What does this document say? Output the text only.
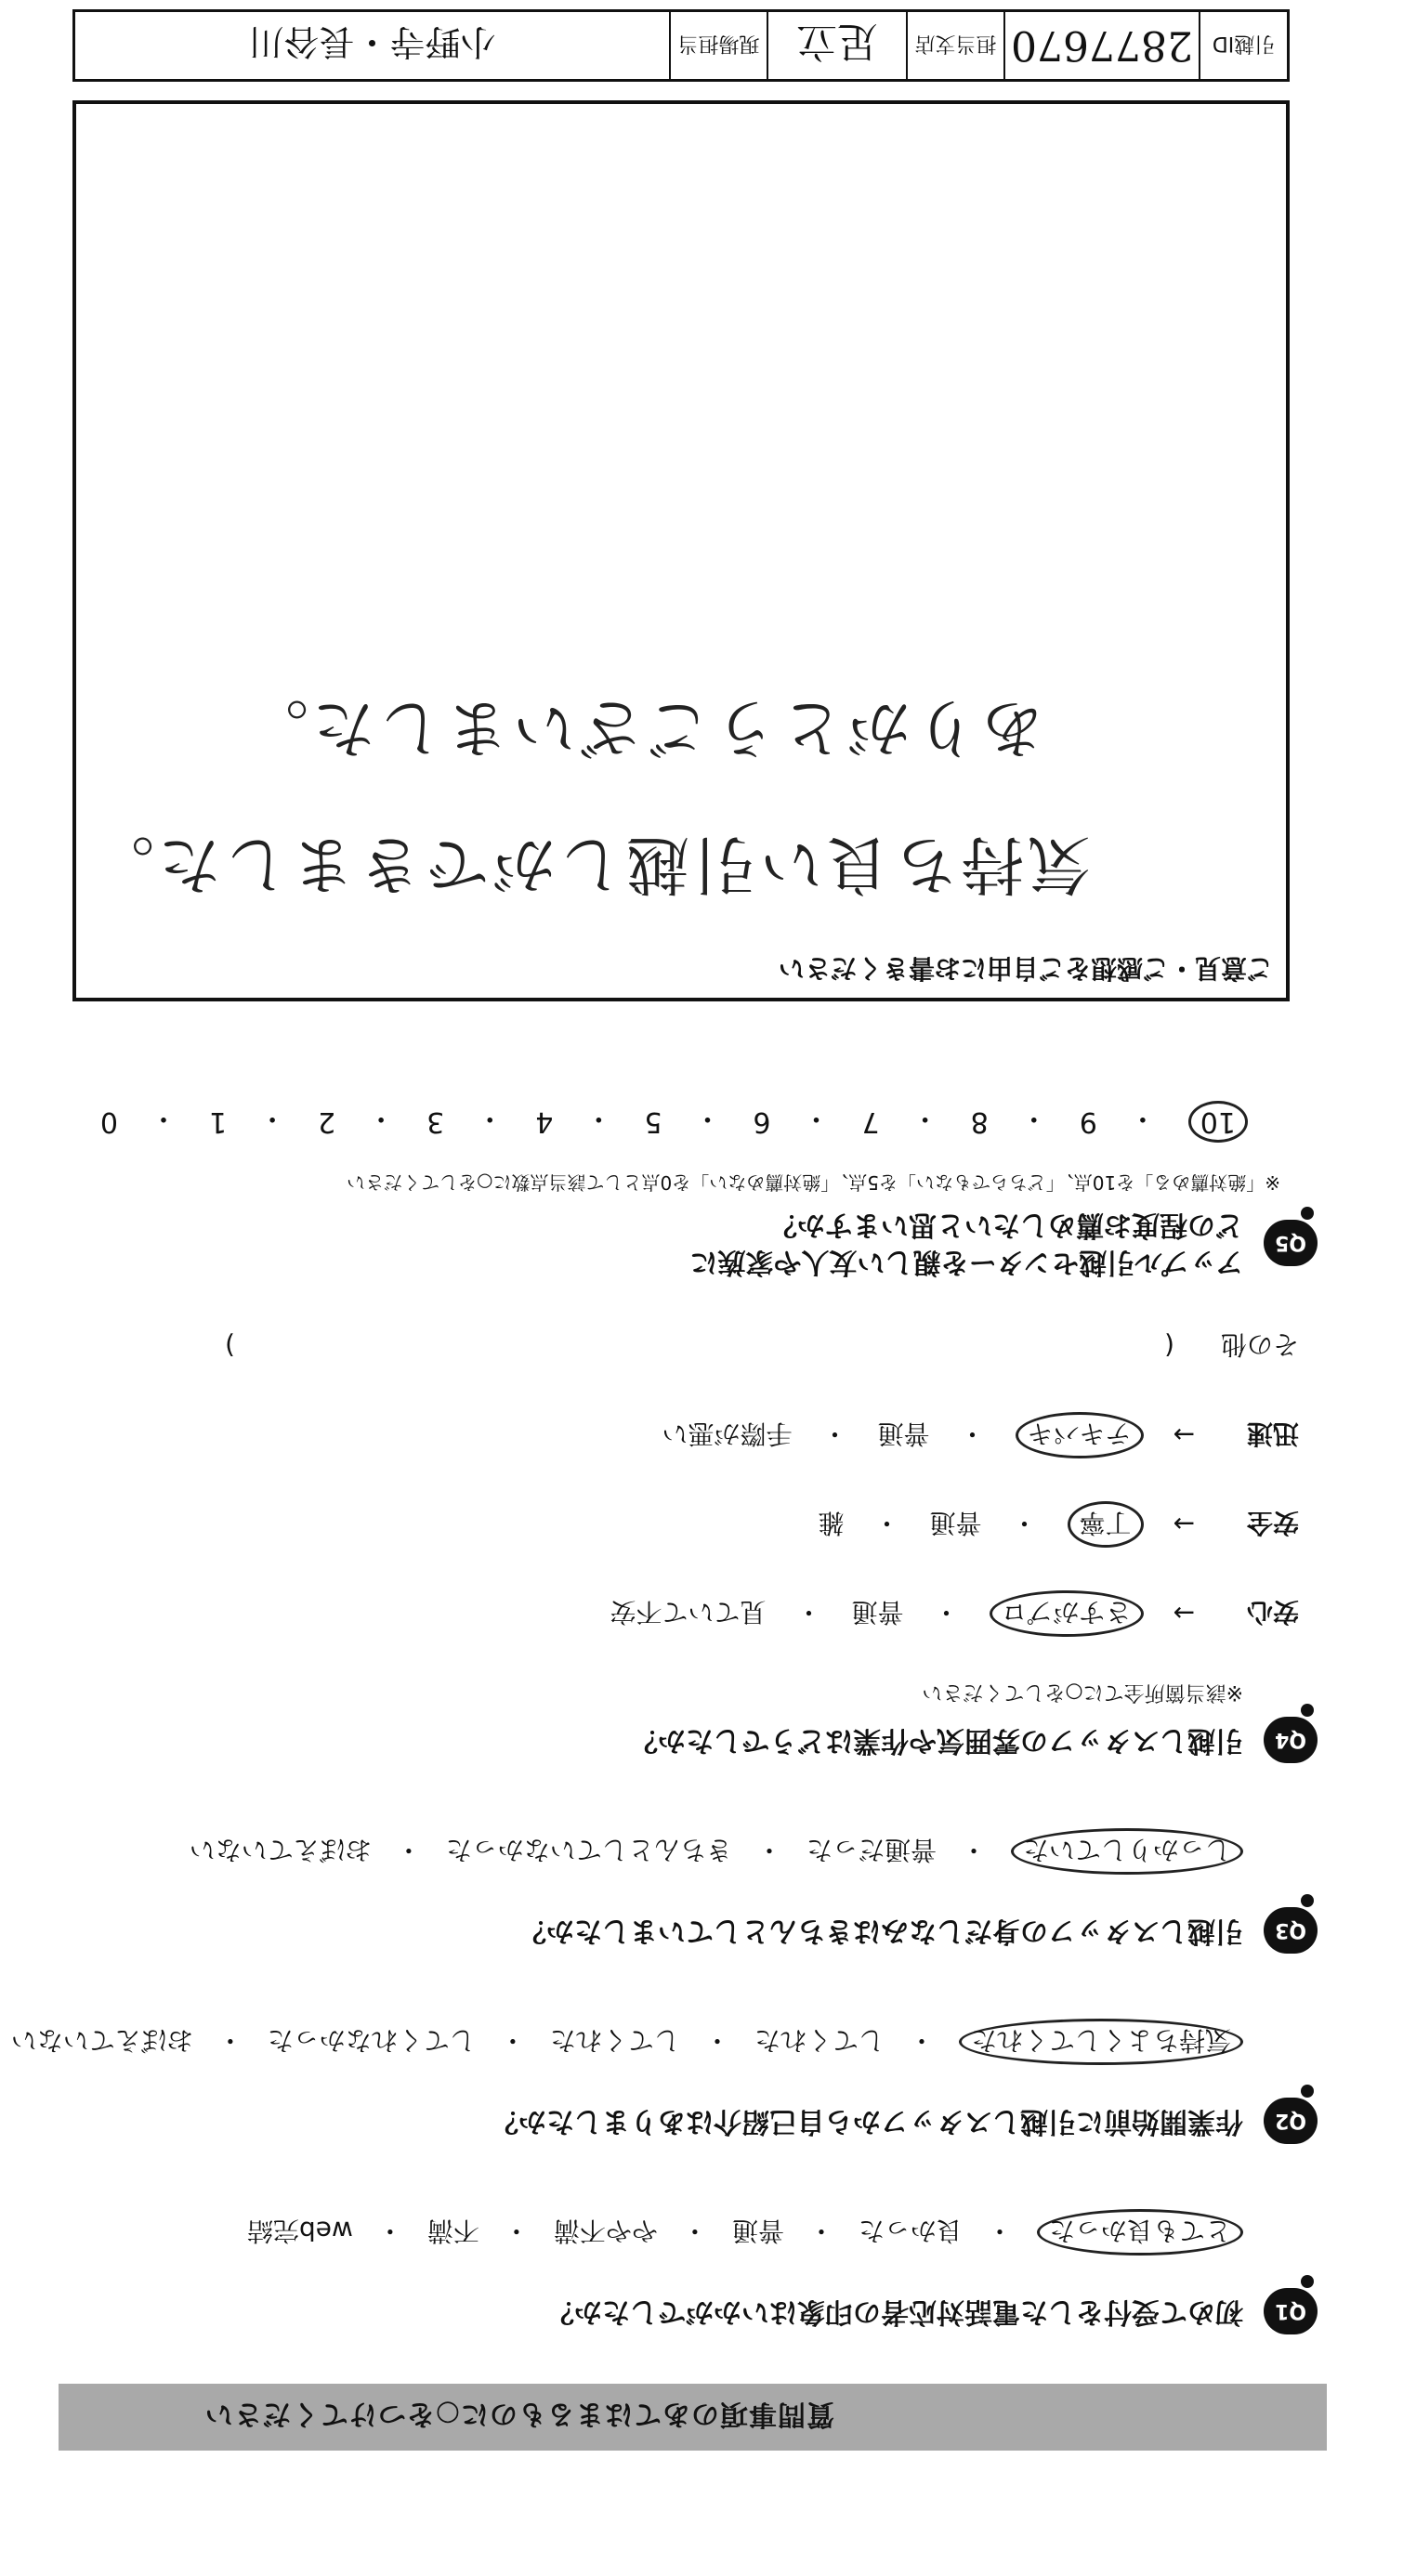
質問事項のあてはまるものに○をつけてください
Q1
初めて受付をした電話対応者の印象はいかがでしたか？
とても良かった
・
良かった
・
普通
・
やや不満
・
不満
・
web完結
Q2
作業開始前に引越しスタッフから自己紹介はありましたか？
気持ちよくしてくれた
・
してくれた
・
してくれた
・
してくれなかった
・
おぼえていない
Q3
引越しスタッフの身だしなみはきちんとしていましたか？
しっかりしていた
・
普通だった
・
きちんとしていなかった
・
おぼえていない
Q4
引越しスタッフの雰囲気や作業はどうでしたか？
※該当箇所全てに○をしてください
安心
→
さすがプロ
・
普通
・
見ていて不安
安全
→
丁寧
・
普通
・
雑
迅速
→
テキパキ
・
普通
・
手際が悪い
その他
(
)
Q5
アップル引越センターを親しい友人や家族に
どの程度お薦めしたいと思いますか？
※「絶対薦める」を10点、「どちらでもない」を5点、「絶対薦めない」を0点として該当点数に○をしてください
10
・
9
・
8
・
7
・
6
・
5
・
4
・
3
・
2
・
1
・
0
ご意見・ご感想をご自由にお書きください
気持ち良い引越しができました。
ありがとうございました。
引越ID
2877670
担当支店
足立
現場担当
小野寺・長谷川
